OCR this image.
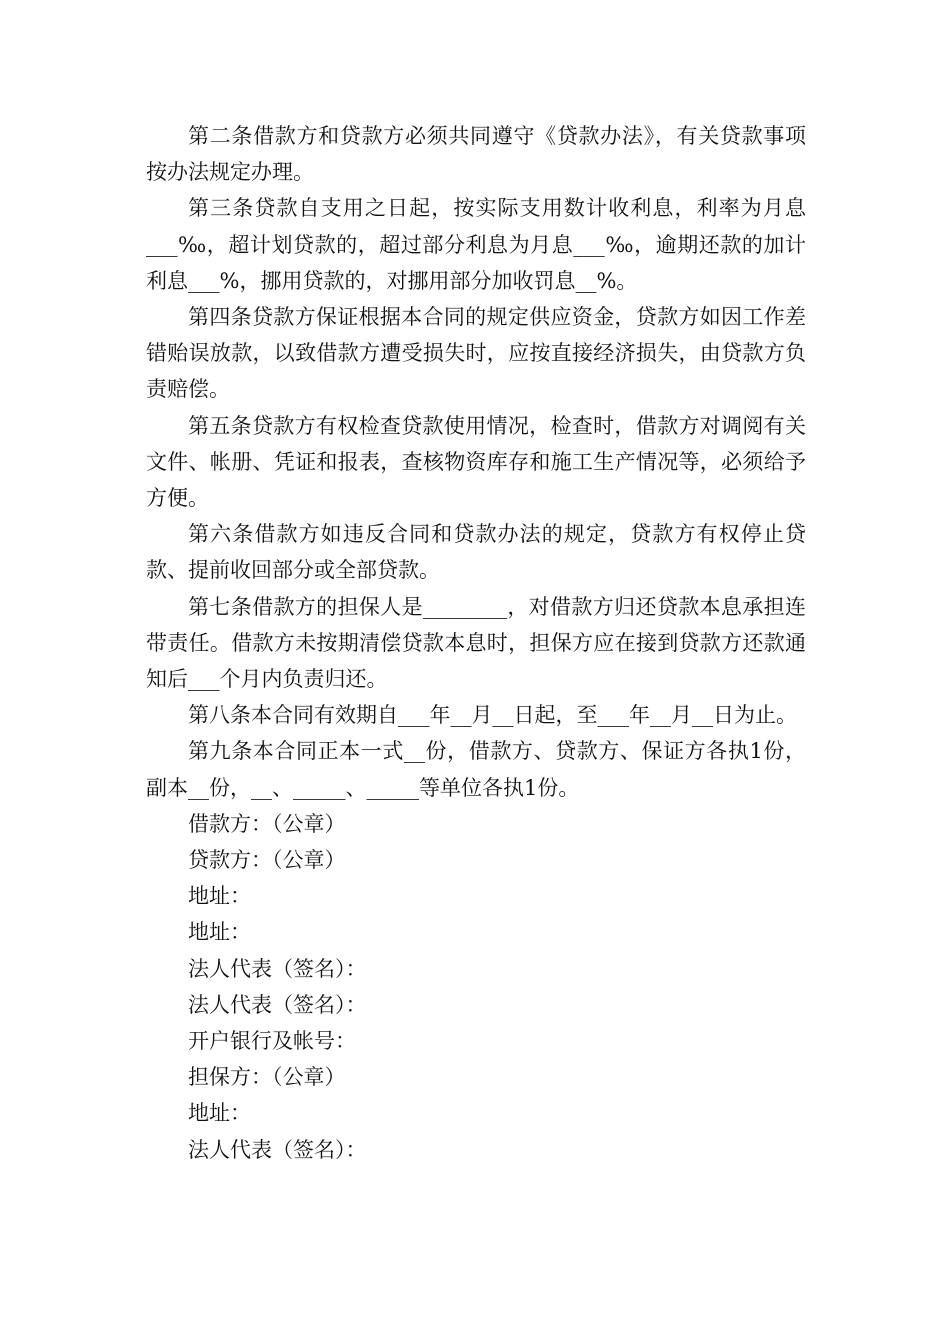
第二条借款方和贷款方必须共同遵守《贷款办法》，有关贷款事项按办法规定办理。

第三条贷款自支用之日起，按实际支用数计收利息，利率为月息___‰，超计划贷款的，超过部分利息为月息___‰，逾期还款的加计利息___%，挪用贷款的，对挪用部分加收罚息__%。

第四条贷款方保证根据本合同的规定供应资金，贷款方如因工作差错贻误放款，以致借款方遭受损失时，应按直接经济损失，由贷款方负责赔偿。

第五条贷款方有权检查贷款使用情况，检查时，借款方对调阅有关文件、帐册、凭证和报表，查核物资库存和施工生产情况等，必须给予方便。

第六条借款方如违反合同和贷款办法的规定，贷款方有权停止贷款、提前收回部分或全部贷款。

第七条借款方的担保人是________，对借款方归还贷款本息承担连带责任。借款方未按期清偿贷款本息时，担保方应在接到贷款方还款通知后___个月内负责归还。

第八条本合同有效期自___年__月__日起，至___年__月__日为止。

第九条本合同正本一式__份，借款方、贷款方、保证方各执1份，副本__份，__、_____、_____等单位各执1份。

借款方：（公章）

贷款方：（公章）

地址：

地址：

法人代表（签名）：

法人代表（签名）：

开户银行及帐号：

担保方：（公章）

地址：

法人代表（签名）：
